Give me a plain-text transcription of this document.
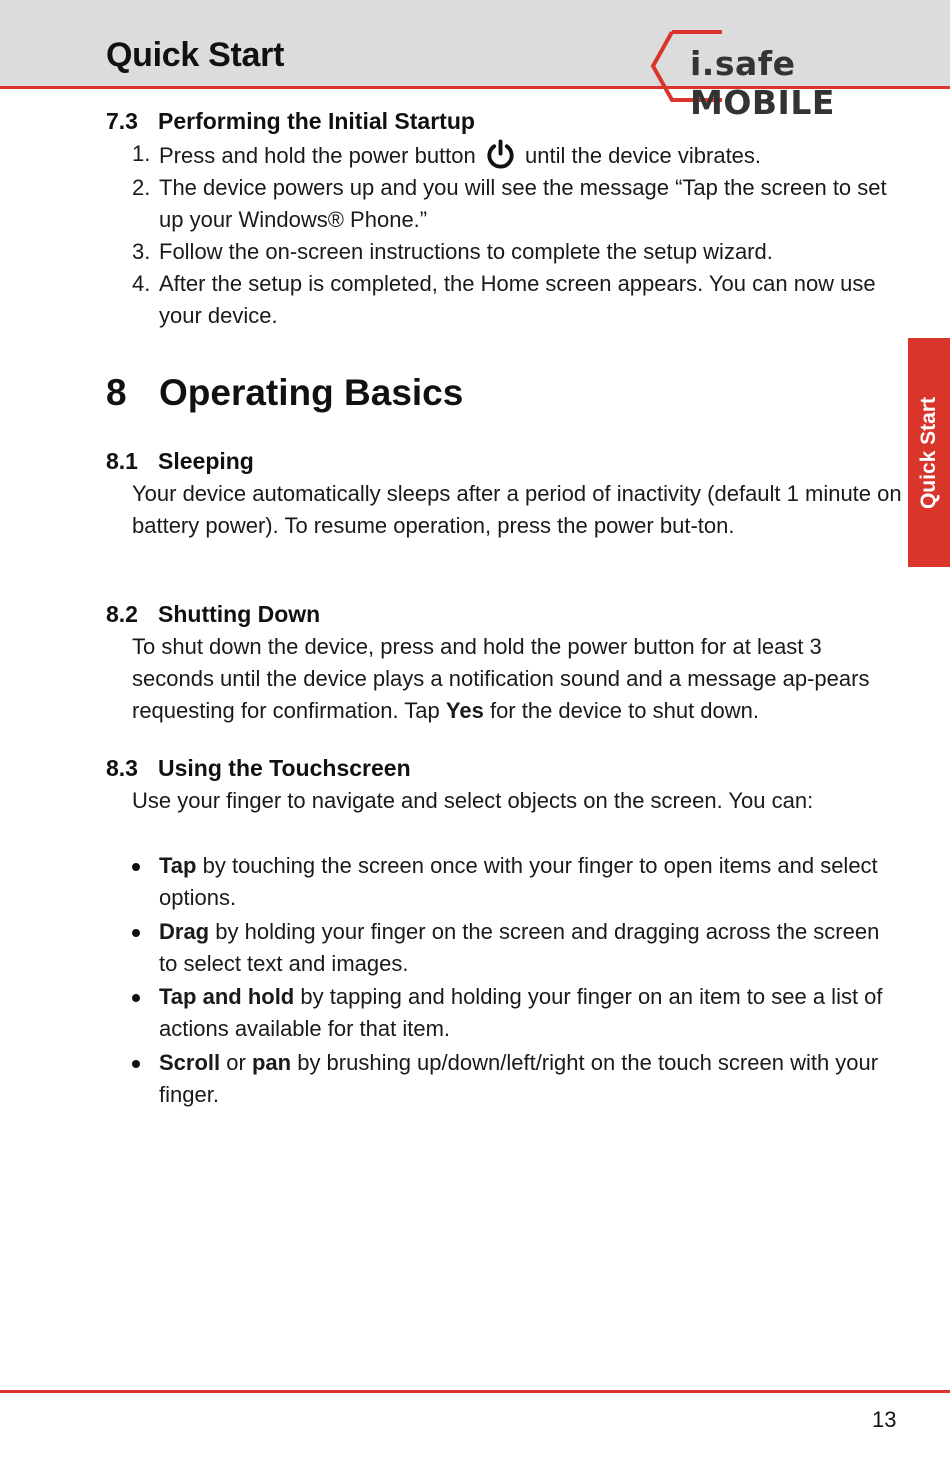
Quick Start	i.safe MOBILE
Quick Start
7.3 Performing the Initial Startup
1. Press and hold the power button until the device vibrates.
2. The device powers up and you will see the message “Tap the screen to set up your Windows® Phone.”
3. Follow the on-screen instructions to complete the setup wizard.
4. After the setup is completed, the Home screen appears. You can now use your device.
8 Operating Basics
8.1 Sleeping
Your device automatically sleeps after a period of inactivity (default 1 minute on battery power). To resume operation, press the power but-ton.
8.2 Shutting Down
To shut down the device, press and hold the power button for at least 3 seconds until the device plays a notification sound and a message ap-pears requesting for confirmation. Tap Yes for the device to shut down.
8.3 Using the Touchscreen
Use your finger to navigate and select objects on the screen. You can:
Tap by touching the screen once with your finger to open items and select options.
Drag by holding your finger on the screen and dragging across the screen to select text and images.
Tap and hold by tapping and holding your finger on an item to see a list of actions available for that item.
Scroll or pan by brushing up/down/left/right on the touch screen with your finger.
13
